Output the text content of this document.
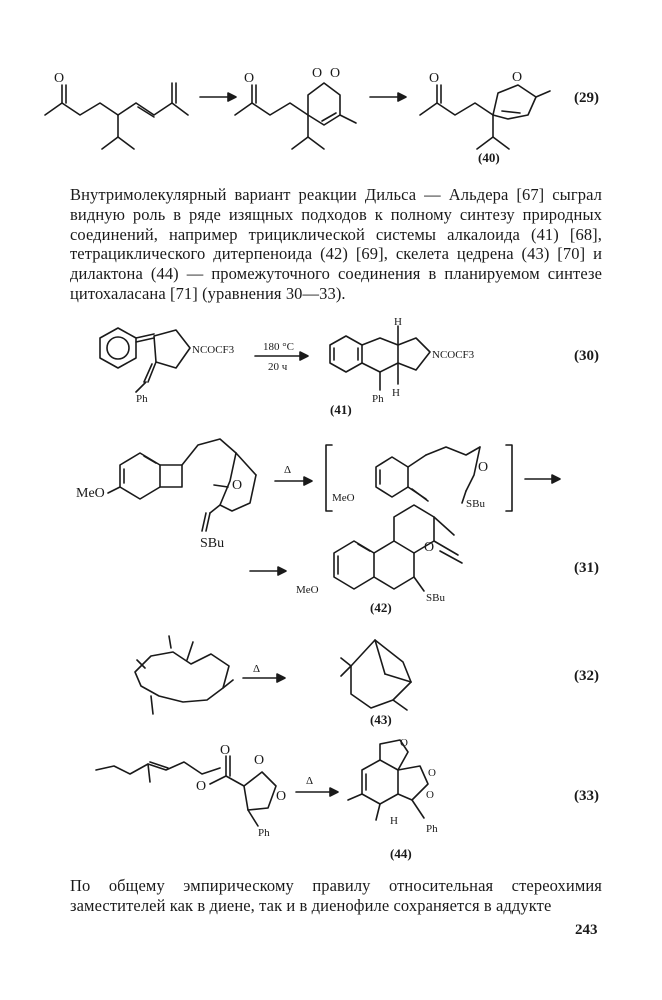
O	O	O O	O	O
(29)
(40)
Внутримолекулярный вариант реакции Дильса — Альдера [67] сыграл видную роль в ряде изящных подходов к полному синтезу природных соединений, например трициклической системы алкалоида (41) [68], тетрациклического дитерпеноида (42) [69], скелета цедрена (43) [70] и дилактона (44) — промежуточного соединения в планируемом синтезе цитохаласана [71] (уравнения 30—33).
Ph
NCOCF3	180 °C
20 ч
H
H
Ph
NCOCF3	(30)
(41)
MeO
O
SBu
Δ
MeO
O
SBu
O
MeO
SBu
(31)
(42)
Δ	(32)
(43)
O
O
O
O
Ph
Δ
O
O
O
H
Ph
(33)
(44)
По общему эмпирическому правилу относительная стереохимия заместителей как в диене, так и в диенофиле сохраняется в аддукте
243
